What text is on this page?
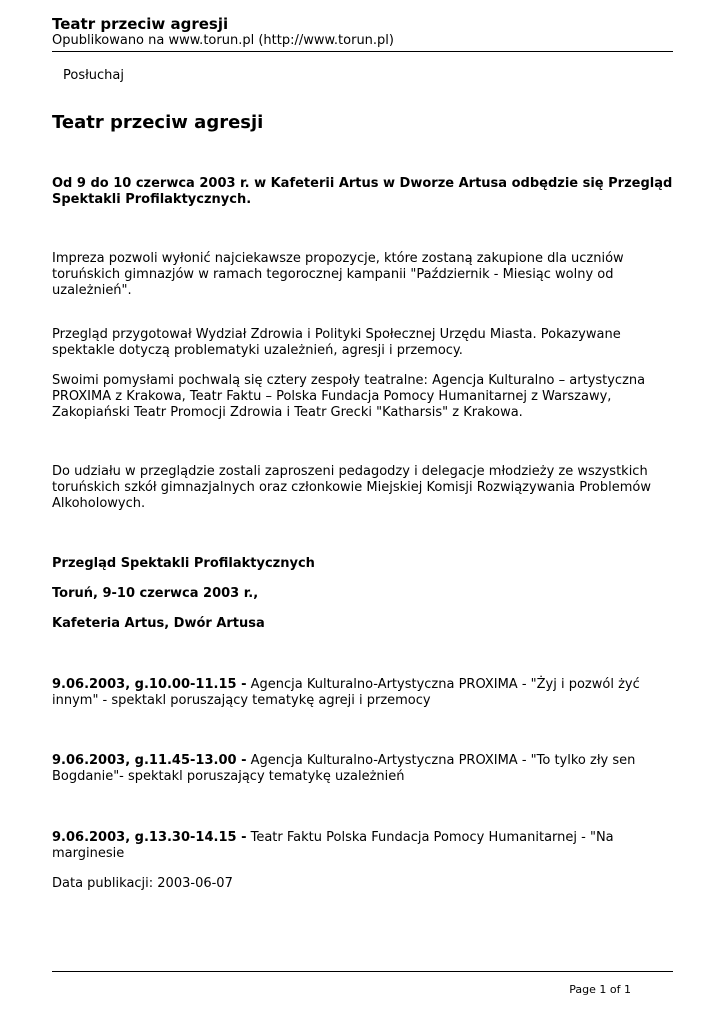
Teatr przeciw agresji
Opublikowano na www.torun.pl (http://www.torun.pl)
Posłuchaj
Teatr przeciw agresji

Od 9 do 10 czerwca 2003 r. w Kafeterii Artus w Dworze Artusa odbędzie się Przegląd Spektakli Profilaktycznych.

Impreza pozwoli wyłonić najciekawsze propozycje, które zostaną zakupione dla uczniów toruńskich gimnazjów w ramach tegorocznej kampanii "Październik - Miesiąc wolny od uzależnień".

Przegląd przygotował Wydział Zdrowia i Polityki Społecznej Urzędu Miasta. Pokazywane spektakle dotyczą problematyki uzależnień, agresji i przemocy.

Swoimi pomysłami pochwalą się cztery zespoły teatralne: Agencja Kulturalno – artystyczna PROXIMA z Krakowa, Teatr Faktu – Polska Fundacja Pomocy Humanitarnej z Warszawy, Zakopiański Teatr Promocji Zdrowia i Teatr Grecki "Katharsis" z Krakowa.

Do udziału w przeglądzie zostali zaproszeni pedagodzy i delegacje młodzieży ze wszystkich toruńskich szkół gimnazjalnych oraz członkowie Miejskiej Komisji Rozwiązywania Problemów Alkoholowych.

Przegląd Spektakli Profilaktycznych

Toruń, 9-10 czerwca 2003 r.,

Kafeteria Artus, Dwór Artusa

9.06.2003, g.10.00-11.15 - Agencja Kulturalno-Artystyczna PROXIMA - "Żyj i pozwól żyć innym" - spektakl poruszający tematykę agreji i przemocy

9.06.2003, g.11.45-13.00 - Agencja Kulturalno-Artystyczna PROXIMA - "To tylko zły sen Bogdanie"- spektakl poruszający tematykę uzależnień

9.06.2003, g.13.30-14.15 - Teatr Faktu Polska Fundacja Pomocy Humanitarnej - "Na marginesie

Data publikacji: 2003-06-07

Page 1 of 1
